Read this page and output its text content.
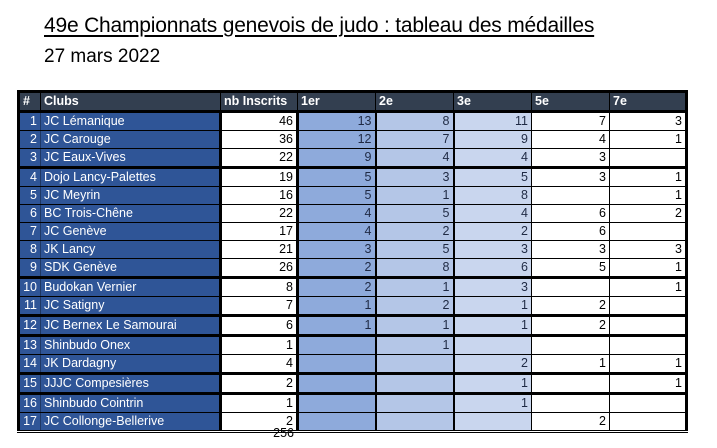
49e Championnats genevois de judo : tableau des médailles
27 mars 2022
#	Clubs	nb Inscrits	1er	2e	3e	5e	7e
1	JC Lémanique	46	13	8	11	7	3
2	JC Carouge	36	12	7	9	4	1
3	JC Eaux-Vives	22	9	4	4	3	
4	Dojo Lancy-Palettes	19	5	3	5	3	1
5	JC Meyrin	16	5	1	8		1
6	BC Trois-Chêne	22	4	5	4	6	2
7	JC Genève	17	4	2	2	6	
8	JK Lancy	21	3	5	3	3	3
9	SDK Genève	26	2	8	6	5	1
10	Budokan Vernier	8	2	1	3		1
11	JC Satigny	7	1	2	1	2	
12	JC Bernex Le Samourai	6	1	1	1	2	
13	Shinbudo Onex	1		1			
14	JK Dardagny	4			2	1	1
15	JJJC Compesières	2			1		1
16	Shinbudo Cointrin	1			1		
17	JC Collonge-Bellerive	2				2	
256
